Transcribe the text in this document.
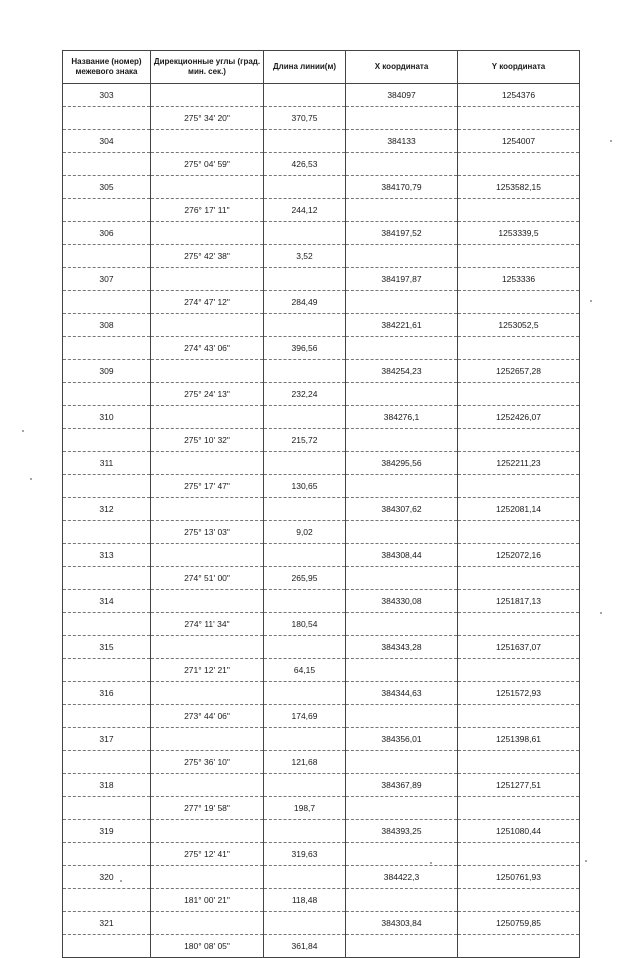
Название (номер) межевого знака	Дирекционные углы (град. мин. сек.)	Длина линии(м)	X координата	Y координата
303			384097	1254376
	275° 34' 20"	370,75		
304			384133	1254007
	275° 04' 59"	426,53		
305			384170,79	1253582,15
	276° 17' 11"	244,12		
306			384197,52	1253339,5
	275° 42' 38"	3,52		
307			384197,87	1253336
	274° 47' 12"	284,49		
308			384221,61	1253052,5
	274° 43' 06"	396,56		
309			384254,23	1252657,28
	275° 24' 13"	232,24		
310			384276,1	1252426,07
	275° 10' 32"	215,72		
311			384295,56	1252211,23
	275° 17' 47"	130,65		
312			384307,62	1252081,14
	275° 13' 03"	9,02		
313			384308,44	1252072,16
	274° 51' 00"	265,95		
314			384330,08	1251817,13
	274° 11' 34"	180,54		
315			384343,28	1251637,07
	271° 12' 21"	64,15		
316			384344,63	1251572,93
	273° 44' 06"	174,69		
317			384356,01	1251398,61
	275° 36' 10"	121,68		
318			384367,89	1251277,51
	277° 19' 58"	198,7		
319			384393,25	1251080,44
	275° 12' 41"	319,63		
320			384422,3	1250761,93
	181° 00' 21"	118,48		
321			384303,84	1250759,85
	180° 08' 05"	361,84		
